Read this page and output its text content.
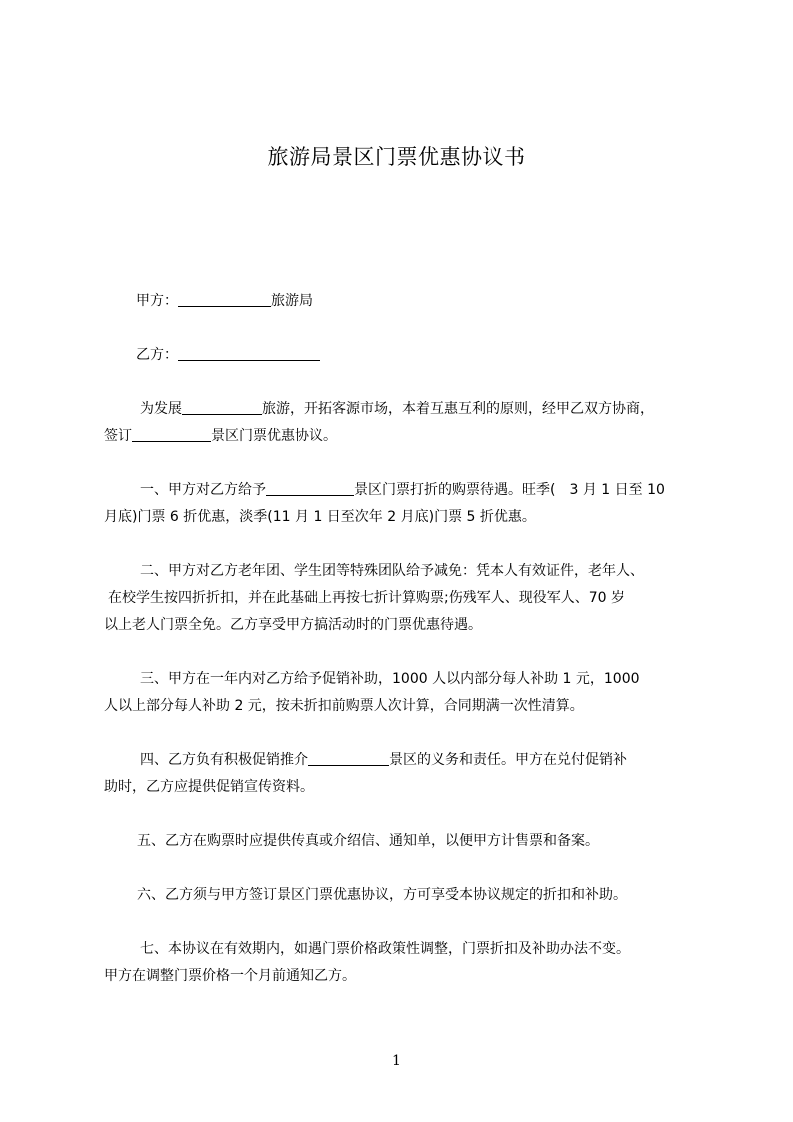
旅游局景区门票优惠协议书
甲方：	旅游局
乙方：
为发展	旅游，开拓客源市场，本着互惠互利的原则，经甲乙双方协商，
签订	景区门票优惠协议。
一、甲方对乙方给予	景区门票打折的购票待遇。旺季(　3 月 1 日至 10
月底)门票 6 折优惠，淡季(11 月 1 日至次年 2 月底)门票 5 折优惠。
二、甲方对乙方老年团、学生团等特殊团队给予减免：凭本人有效证件，老年人、
在校学生按四折折扣，并在此基础上再按七折计算购票;伤残军人、现役军人、70 岁
以上老人门票全免。乙方享受甲方搞活动时的门票优惠待遇。
三、甲方在一年内对乙方给予促销补助，1000 人以内部分每人补助 1 元，1000
人以上部分每人补助 2 元，按未折扣前购票人次计算，合同期满一次性清算。
四、乙方负有积极促销推介	景区的义务和责任。甲方在兑付促销补
助时，乙方应提供促销宣传资料。
五、乙方在购票时应提供传真或介绍信、通知单，以便甲方计售票和备案。
六、乙方须与甲方签订景区门票优惠协议，方可享受本协议规定的折扣和补助。
七、本协议在有效期内，如遇门票价格政策性调整，门票折扣及补助办法不变。
甲方在调整门票价格一个月前通知乙方。
1
